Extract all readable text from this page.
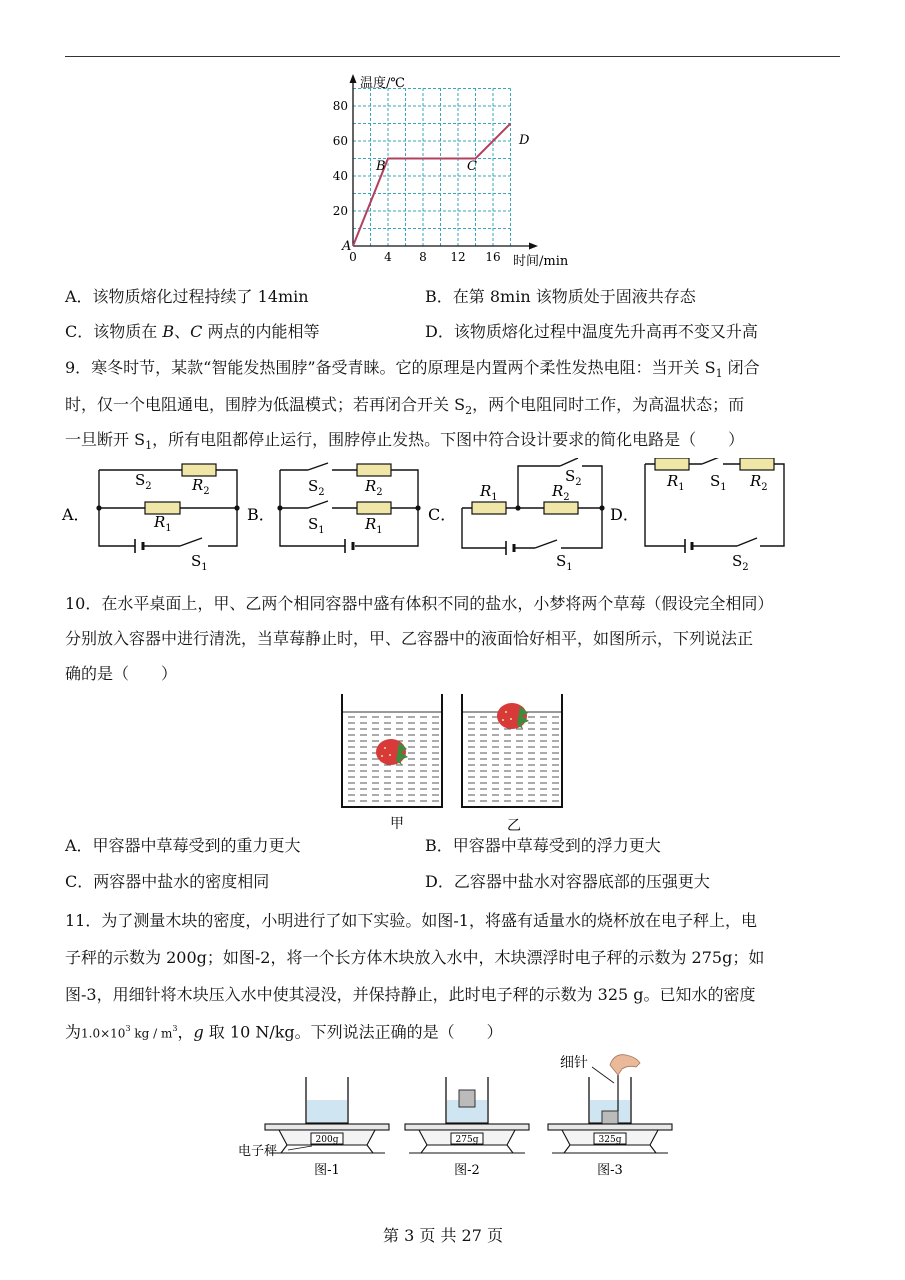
20
40
60
80
0 4 8 12 16
温度/℃
时间/min
A
B	C
D
A．该物质熔化过程持续了 14min	B．在第 8min 该物质处于固液共存态
C．该物质在 B、C 两点的内能相等	D．该物质熔化过程中温度先升高再不变又升高
9．寒冬时节，某款“智能发热围脖”备受青睐。它的原理是内置两个柔性发热电阻：当开关 $S_1$ 闭合
时，仅一个电阻通电，围脖为低温模式；若再闭合开关 $S_2$，两个电阻同时工作，为高温状态；而
一旦断开 $S_1$，所有电阻都停止运行，围脖停止发热。下图中符合设计要求的简化电路是（　　）
A．	B．	C．	D．
$S_2$	$R_2$
$R_1$
$S_1$
$S_2$	$R_2$
$S_1$	$R_1$
$R_1$	$R_2$
$S_2$
$S_1$
$R_1$ $S_1$ $R_2$
$S_2$
10．在水平桌面上，甲、乙两个相同容器中盛有体积不同的盐水，小梦将两个草莓（假设完全相同）
分别放入容器中进行清洗，当草莓静止时，甲、乙容器中的液面恰好相平，如图所示，下列说法正
确的是（　　）
甲	乙
A．甲容器中草莓受到的重力更大	B．甲容器中草莓受到的浮力更大
C．两容器中盐水的密度相同	D．乙容器中盐水对容器底部的压强更大
11．为了测量木块的密度，小明进行了如下实验。如图-1，将盛有适量水的烧杯放在电子秤上，电
子秤的示数为 200g；如图-2，将一个长方体木块放入水中，木块漂浮时电子秤的示数为 275g；如
图-3，用细针将木块压入水中使其浸没，并保持静止，此时电子秤的示数为 325 g。已知水的密度
为$1.0\times 10^3$ kg / $m^3$，g 取 10 N/kg。下列说法正确的是（　　）
200g
图-1
275g
图-2
325g
图-3
细针
电子秤
第 3 页 共 27 页
